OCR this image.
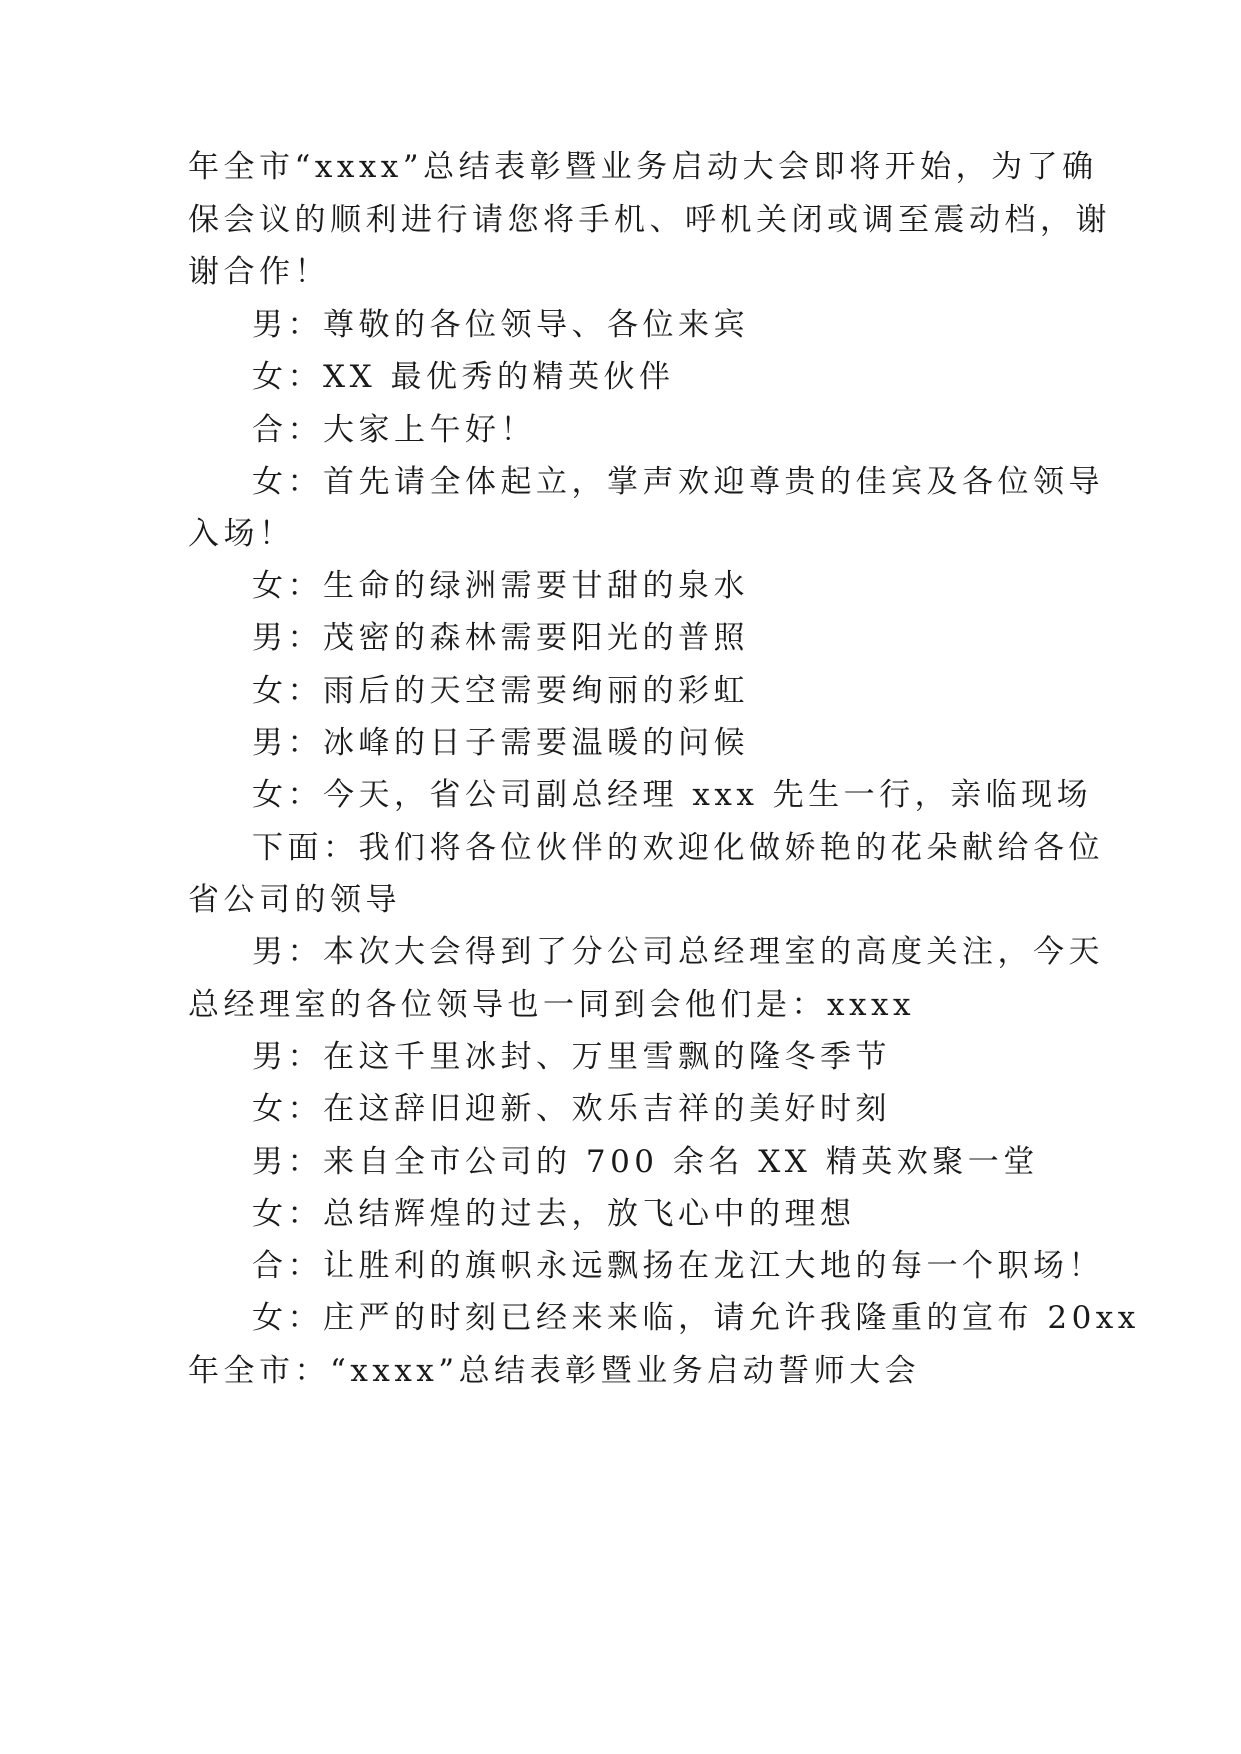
年全市“xxxx”总结表彰暨业务启动大会即将开始，为了确
保会议的顺利进行请您将手机、呼机关闭或调至震动档，谢
谢合作！
男：尊敬的各位领导、各位来宾
女：XX 最优秀的精英伙伴
合：大家上午好！
女：首先请全体起立，掌声欢迎尊贵的佳宾及各位领导
入场！
女：生命的绿洲需要甘甜的泉水
男：茂密的森林需要阳光的普照
女：雨后的天空需要绚丽的彩虹
男：冰峰的日子需要温暖的问候
女：今天，省公司副总经理 xxx 先生一行，亲临现场
下面：我们将各位伙伴的欢迎化做娇艳的花朵献给各位
省公司的领导
男：本次大会得到了分公司总经理室的高度关注，今天
总经理室的各位领导也一同到会他们是：xxxx
男：在这千里冰封、万里雪飘的隆冬季节
女：在这辞旧迎新、欢乐吉祥的美好时刻
男：来自全市公司的 700 余名 XX 精英欢聚一堂
女：总结辉煌的过去，放飞心中的理想
合：让胜利的旗帜永远飘扬在龙江大地的每一个职场！
女：庄严的时刻已经来来临，请允许我隆重的宣布 20xx
年全市：“xxxx”总结表彰暨业务启动誓师大会
